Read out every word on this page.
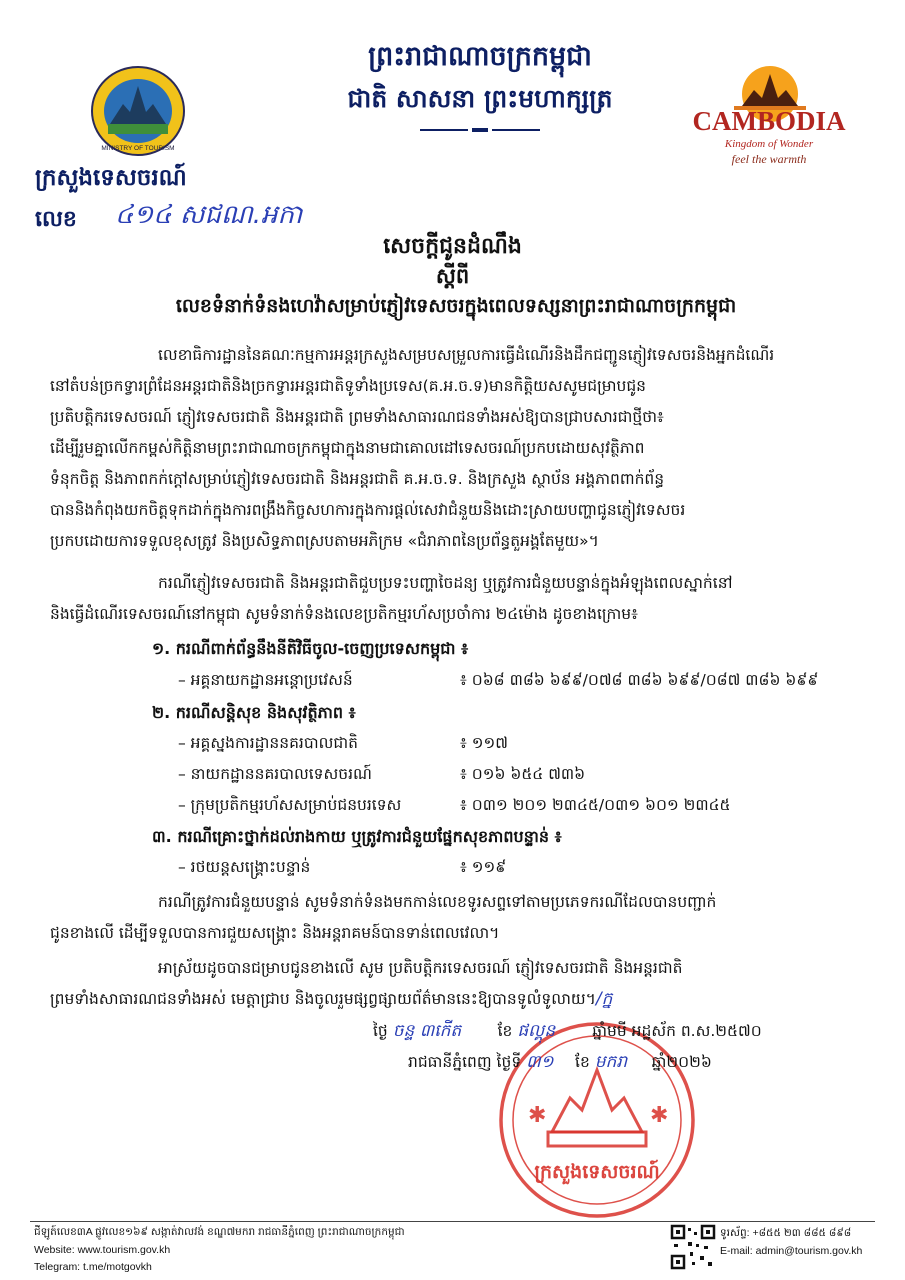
MINISTRY OF TOURISM
CAMBODIA
Kingdom of Wonder
feel the warmth
ព្រះរាជាណាចក្រកម្ពុជា
ជាតិ សាសនា ព្រះមហាក្សត្រ
ក្រសួងទេសចរណ៍
លេខ ៤១៤ សជណ.អកា
សេចក្តីជូនដំណឹង
ស្តីពី
លេខទំនាក់ទំនងហេវ៉ាសម្រាប់ភ្ញៀវទេសចរក្នុងពេលទស្សនាព្រះរាជាណាចក្រកម្ពុជា
លេខាធិការដ្ឋាននៃគណៈកម្មការអន្តរក្រសួងសម្របសម្រួលការធ្វើដំណើរនិងដឹកជញ្ជូនភ្ញៀវទេសចរនិងអ្នកដំណើរ
នៅតំបន់ច្រកទ្វារព្រំដែនអន្តរជាតិនិងច្រកទ្វារអន្តរជាតិទូទាំងប្រទេស(គ.អ.ច.ទ)មានកិត្តិយសសូមជម្រាបជូន
ប្រតិបត្តិករទេសចរណ៍ ភ្ញៀវទេសចរជាតិ និងអន្តរជាតិ ព្រមទាំងសាធារណជនទាំងអស់ឱ្យបានជ្រាបសារជាថ្មីថា៖
ដើម្បីរួមគ្នាលើកកម្ពស់កិត្តិនាមព្រះរាជាណាចក្រកម្ពុជាក្នុងនាមជាគោលដៅទេសចរណ៍ប្រកបដោយសុវត្ថិភាព
ទំនុកចិត្ត និងភាពកក់ក្តៅសម្រាប់ភ្ញៀវទេសចរជាតិ និងអន្តរជាតិ គ.អ.ច.ទ. និងក្រសួង ស្ថាប័ន អង្គភាពពាក់ព័ន្ធ
បាននិងកំពុងយកចិត្តទុកដាក់ក្នុងការពង្រឹងកិច្ចសហការក្នុងការផ្តល់សេវាជំនួយនិងដោះស្រាយបញ្ហាជូនភ្ញៀវទេសចរ
ប្រកបដោយការទទួលខុសត្រូវ និងប្រសិទ្ធភាពស្របតាមអភិក្រម «ជំរាភាពនៃប្រព័ន្ធតួអង្គតែមួយ»។
ករណីភ្ញៀវទេសចរជាតិ និងអន្តរជាតិជួបប្រទះបញ្ហាចៃដន្យ ឬត្រូវការជំនួយបន្ទាន់ក្នុងអំឡុងពេលស្នាក់នៅ
និងធ្វើដំណើរទេសចរណ៍នៅកម្ពុជា សូមទំនាក់ទំនងលេខប្រតិកម្មរហ័សប្រចាំការ ២៤ម៉ោង ដូចខាងក្រោម៖
១. ករណីពាក់ព័ន្ធនឹងនីតិវិធីចូល-ចេញប្រទេសកម្ពុជា ៖
– អគ្គនាយកដ្ឋានអន្តោប្រវេសន៍	៖ ០៦៨ ៣៨៦ ៦៩៩/០៧៨ ៣៨៦ ៦៩៩/០៨៧ ៣៨៦ ៦៩៩
២. ករណីសន្តិសុខ និងសុវត្ថិភាព ៖
– អគ្គស្នងការដ្ឋាននគរបាលជាតិ	៖ ១១៧
– នាយកដ្ឋាននគរបាលទេសចរណ៍	៖ ០១៦ ៦៥៤ ៧៣៦
– ក្រុមប្រតិកម្មរហ័សសម្រាប់ជនបរទេស	៖ ០៣១ ២០១ ២៣៤៥/០៣១ ៦០១ ២៣៤៥
៣. ករណីគ្រោះថ្នាក់ដល់រាងកាយ ឬត្រូវការជំនួយផ្នែកសុខភាពបន្ទាន់ ៖
– រថយន្តសង្គ្រោះបន្ទាន់	៖ ១១៩
ករណីត្រូវការជំនួយបន្ទាន់ សូមទំនាក់ទំនងមកកាន់លេខទូរសព្ទទៅតាមប្រភេទករណីដែលបានបញ្ជាក់
ជូនខាងលើ ដើម្បីទទួលបានការជួយសង្គ្រោះ និងអន្តរាគមន៍បានទាន់ពេលវេលា។
អាស្រ័យដូចបានជម្រាបជូនខាងលើ សូម ប្រតិបត្តិករទេសចរណ៍ ភ្ញៀវទេសចរជាតិ និងអន្តរជាតិ
ព្រមទាំងសាធារណជនទាំងអស់ មេត្តាជ្រាប និងចូលរួមផ្សព្វផ្សាយព័ត៌មាននេះឱ្យបានទូលំទូលាយ។/ក្ន
✱	✱
ក្រសួងទេសចរណ៍
ថ្ងៃ ចន្ទ ៣កើត ខែ ផល្គុន ឆ្នាំមមី អដ្ឋស័ក ព.ស.២៥៧០
រាជធានីភ្នំពេញ ថ្ងៃទី ៣១ ខែ មករា ឆ្នាំ២០២៦
ជីឡូត៍លេខ៣A ផ្លូវលេខ១៦៩ សង្កាត់វាលវង់ ខណ្ឌ៧មករា រាជធានីភ្នំពេញ ព្រះរាជាណាចក្រកម្ពុជា
Website: www.tourism.gov.kh
Telegram: t.me/motgovkh
ទូរស័ព្ទ: +៨៥៥ ២៣ ៨៨៥ ៨៩៨
E-mail: admin@tourism.gov.kh
